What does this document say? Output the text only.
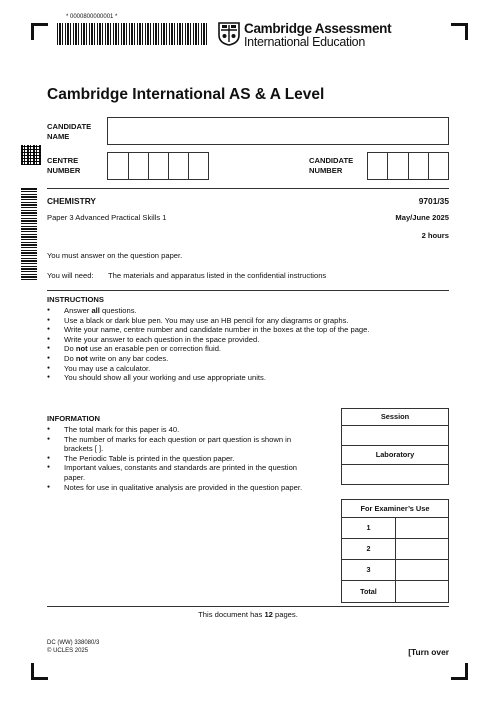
* 0000800000001 *
Cambridge Assessment
International Education
Cambridge International AS & A Level
CANDIDATE
NAME
CENTRE
NUMBER
CANDIDATE
NUMBER
CHEMISTRY	9701/35
Paper 3 Advanced Practical Skills 1	May/June 2025
2 hours
You must answer on the question paper.
You will need: The materials and apparatus listed in the confidential instructions
INSTRUCTIONS
● Answer all questions.
● Use a black or dark blue pen. You may use an HB pencil for any diagrams or graphs.
● Write your name, centre number and candidate number in the boxes at the top of the page.
● Write your answer to each question in the space provided.
● Do not use an erasable pen or correction fluid.
● Do not write on any bar codes.
● You may use a calculator.
● You should show all your working and use appropriate units.
INFORMATION
● The total mark for this paper is 40.
● The number of marks for each question or part question is shown in brackets [ ].
● The Periodic Table is printed in the question paper.
● Important values, constants and standards are printed in the question paper.
● Notes for use in qualitative analysis are provided in the question paper.
Session
Laboratory
For Examiner’s Use
1
2
3
Total
This document has 12 pages.
DC (WW) 338080/3
© UCLES 2025	[Turn over
